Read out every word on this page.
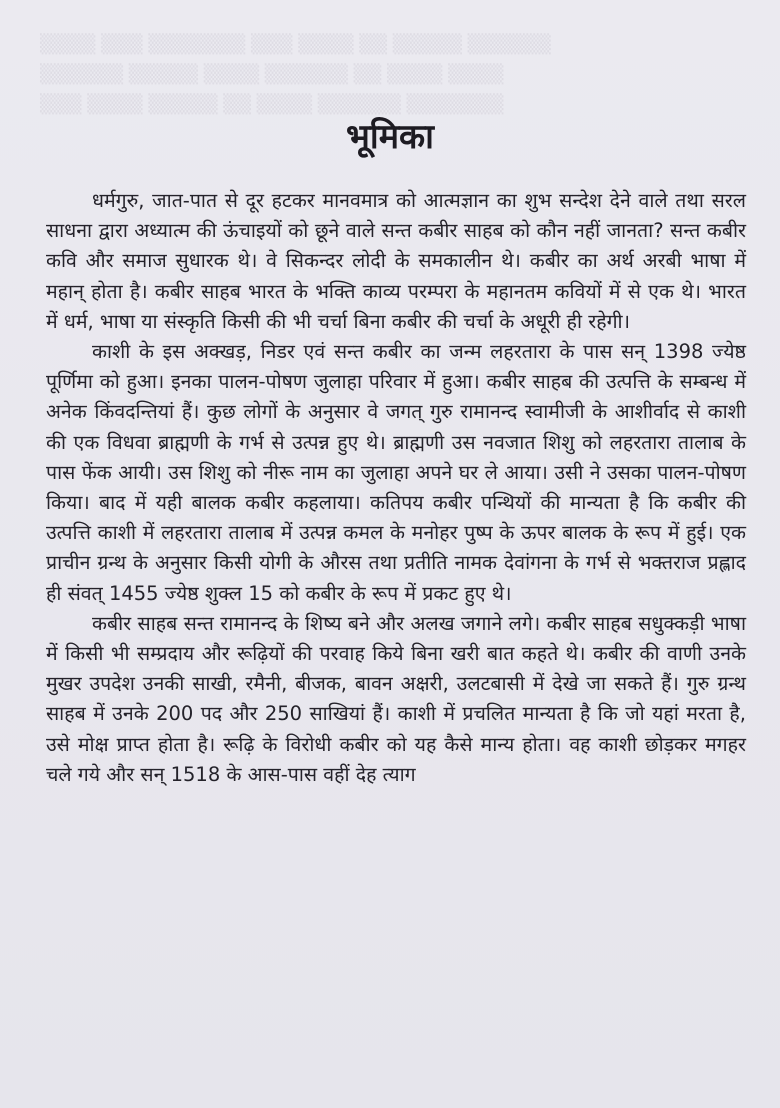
▒▒▒▒ ▒▒▒ ▒▒▒▒▒▒▒ ▒▒▒ ▒▒▒▒ ▒▒ ▒▒▒▒▒ ▒▒▒▒▒▒
▒▒▒▒▒▒ ▒▒▒▒▒ ▒▒▒▒ ▒▒▒▒▒▒ ▒▒ ▒▒▒▒ ▒▒▒▒
▒▒▒ ▒▒▒▒ ▒▒▒▒▒ ▒▒ ▒▒▒▒ ▒▒▒▒▒▒ ▒▒▒▒▒▒▒
भूमिका

धर्मगुरु, जात-पात से दूर हटकर मानवमात्र को आत्मज्ञान का शुभ सन्देश देने वाले तथा सरल साधना द्वारा अध्यात्म की ऊंचाइयों को छूने वाले सन्त कबीर साहब को कौन नहीं जानता? सन्त कबीर कवि और समाज सुधारक थे। वे सिकन्दर लोदी के समकालीन थे। कबीर का अर्थ अरबी भाषा में महान् होता है। कबीर साहब भारत के भक्ति काव्य परम्परा के महानतम कवियों में से एक थे। भारत में धर्म, भाषा या संस्कृति किसी की भी चर्चा बिना कबीर की चर्चा के अधूरी ही रहेगी।

काशी के इस अक्खड़, निडर एवं सन्त कबीर का जन्म लहरतारा के पास सन् 1398 ज्येष्ठ पूर्णिमा को हुआ। इनका पालन-पोषण जुलाहा परिवार में हुआ। कबीर साहब की उत्पत्ति के सम्बन्ध में अनेक किंवदन्तियां हैं। कुछ लोगों के अनुसार वे जगत् गुरु रामानन्द स्वामीजी के आशीर्वाद से काशी की एक विधवा ब्राह्मणी के गर्भ से उत्पन्न हुए थे। ब्राह्मणी उस नवजात शिशु को लहरतारा तालाब के पास फेंक आयी। उस शिशु को नीरू नाम का जुलाहा अपने घर ले आया। उसी ने उसका पालन-पोषण किया। बाद में यही बालक कबीर कहलाया। कतिपय कबीर पन्थियों की मान्यता है कि कबीर की उत्पत्ति काशी में लहरतारा तालाब में उत्पन्न कमल के मनोहर पुष्प के ऊपर बालक के रूप में हुई। एक प्राचीन ग्रन्थ के अनुसार किसी योगी के औरस तथा प्रतीति नामक देवांगना के गर्भ से भक्तराज प्रह्लाद ही संवत् 1455 ज्येष्ठ शुक्ल 15 को कबीर के रूप में प्रकट हुए थे।

कबीर साहब सन्त रामानन्द के शिष्य बने और अलख जगाने लगे। कबीर साहब सधुक्कड़ी भाषा में किसी भी सम्प्रदाय और रूढ़ियों की परवाह किये बिना खरी बात कहते थे। कबीर की वाणी उनके मुखर उपदेश उनकी साखी, रमैनी, बीजक, बावन अक्षरी, उलटबासी में देखे जा सकते हैं। गुरु ग्रन्थ साहब में उनके 200 पद और 250 साखियां हैं। काशी में प्रचलित मान्यता है कि जो यहां मरता है, उसे मोक्ष प्राप्त होता है। रूढ़ि के विरोधी कबीर को यह कैसे मान्य होता। वह काशी छोड़कर मगहर चले गये और सन् 1518 के आस-पास वहीं देह त्याग
